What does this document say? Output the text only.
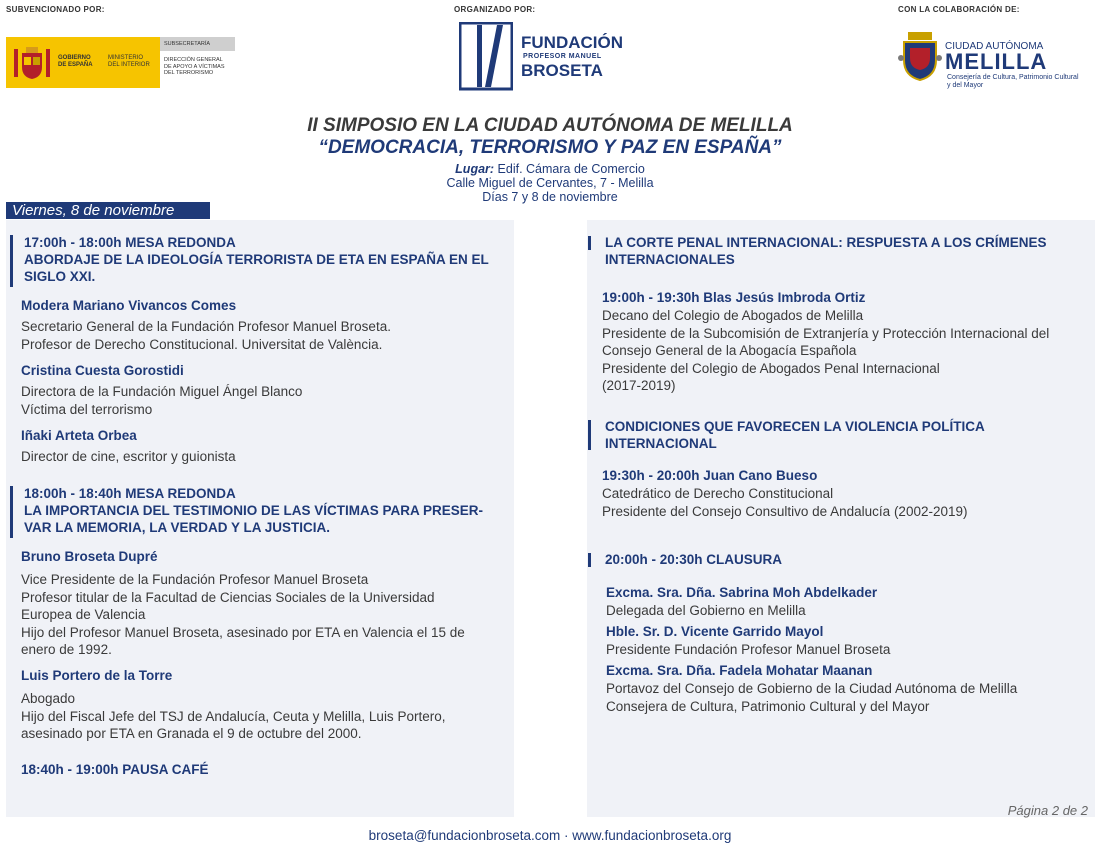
SUBVENCIONADO POR:	ORGANIZADO POR:	CON LA COLABORACIÓN DE:
GOBIERNO
DE ESPAÑA
MINISTERIO
DEL INTERIOR
SUBSECRETARÍA
DIRECCIÓN GENERAL
DE APOYO A VÍCTIMAS
DEL TERRORISMO
FUNDACIÓN
PROFESOR MANUEL
BROSETA
CIUDAD AUTÓNOMA
MELILLA
Consejería de Cultura, Patrimonio Cultural
y del Mayor
II SIMPOSIO EN LA CIUDAD AUTÓNOMA DE MELILLA
“DEMOCRACIA, TERRORISMO Y PAZ EN ESPAÑA”
Lugar: Edif. Cámara de Comercio
Calle Miguel de Cervantes, 7 - Melilla
Días 7 y 8 de noviembre
Viernes, 8 de noviembre
17:00h - 18:00h MESA REDONDA
ABORDAJE DE LA IDEOLOGÍA TERRORISTA DE ETA EN ESPAÑA EN EL
SIGLO XXI.
Modera Mariano Vivancos Comes
Secretario General de la Fundación Profesor Manuel Broseta.
Profesor de Derecho Constitucional. Universitat de València.
Cristina Cuesta Gorostidi
Directora de la Fundación Miguel Ángel Blanco
Víctima del terrorismo
Iñaki Arteta Orbea
Director de cine, escritor y guionista
18:00h - 18:40h MESA REDONDA
LA IMPORTANCIA DEL TESTIMONIO DE LAS VÍCTIMAS PARA PRESER-
VAR LA MEMORIA, LA VERDAD Y LA JUSTICIA.
Bruno Broseta Dupré
Vice Presidente de la Fundación Profesor Manuel Broseta
Profesor titular de la Facultad de Ciencias Sociales de la Universidad
Europea de Valencia
Hijo del Profesor Manuel Broseta, asesinado por ETA en Valencia el 15 de
enero de 1992.
Luis Portero de la Torre
Abogado
Hijo del Fiscal Jefe del TSJ de Andalucía, Ceuta y Melilla, Luis Portero,
asesinado por ETA en Granada el 9 de octubre del 2000.
18:40h - 19:00h PAUSA CAFÉ
LA CORTE PENAL INTERNACIONAL: RESPUESTA A LOS CRÍMENES
INTERNACIONALES
19:00h - 19:30h Blas Jesús Imbroda Ortiz
Decano del Colegio de Abogados de Melilla
Presidente de la Subcomisión de Extranjería y Protección Internacional del
Consejo General de la Abogacía Española
Presidente del Colegio de Abogados Penal Internacional
(2017-2019)
CONDICIONES QUE FAVORECEN LA VIOLENCIA POLÍTICA
INTERNACIONAL
19:30h - 20:00h Juan Cano Bueso
Catedrático de Derecho Constitucional
Presidente del Consejo Consultivo de Andalucía (2002-2019)
20:00h - 20:30h CLAUSURA
Excma. Sra. Dña. Sabrina Moh Abdelkader
Delegada del Gobierno en Melilla
Hble. Sr. D. Vicente Garrido Mayol
Presidente Fundación Profesor Manuel Broseta
Excma. Sra. Dña. Fadela Mohatar Maanan
Portavoz del Consejo de Gobierno de la Ciudad Autónoma de Melilla
Consejera de Cultura, Patrimonio Cultural y del Mayor
Página 2 de 2
broseta@fundacionbroseta.com · www.fundacionbroseta.org
